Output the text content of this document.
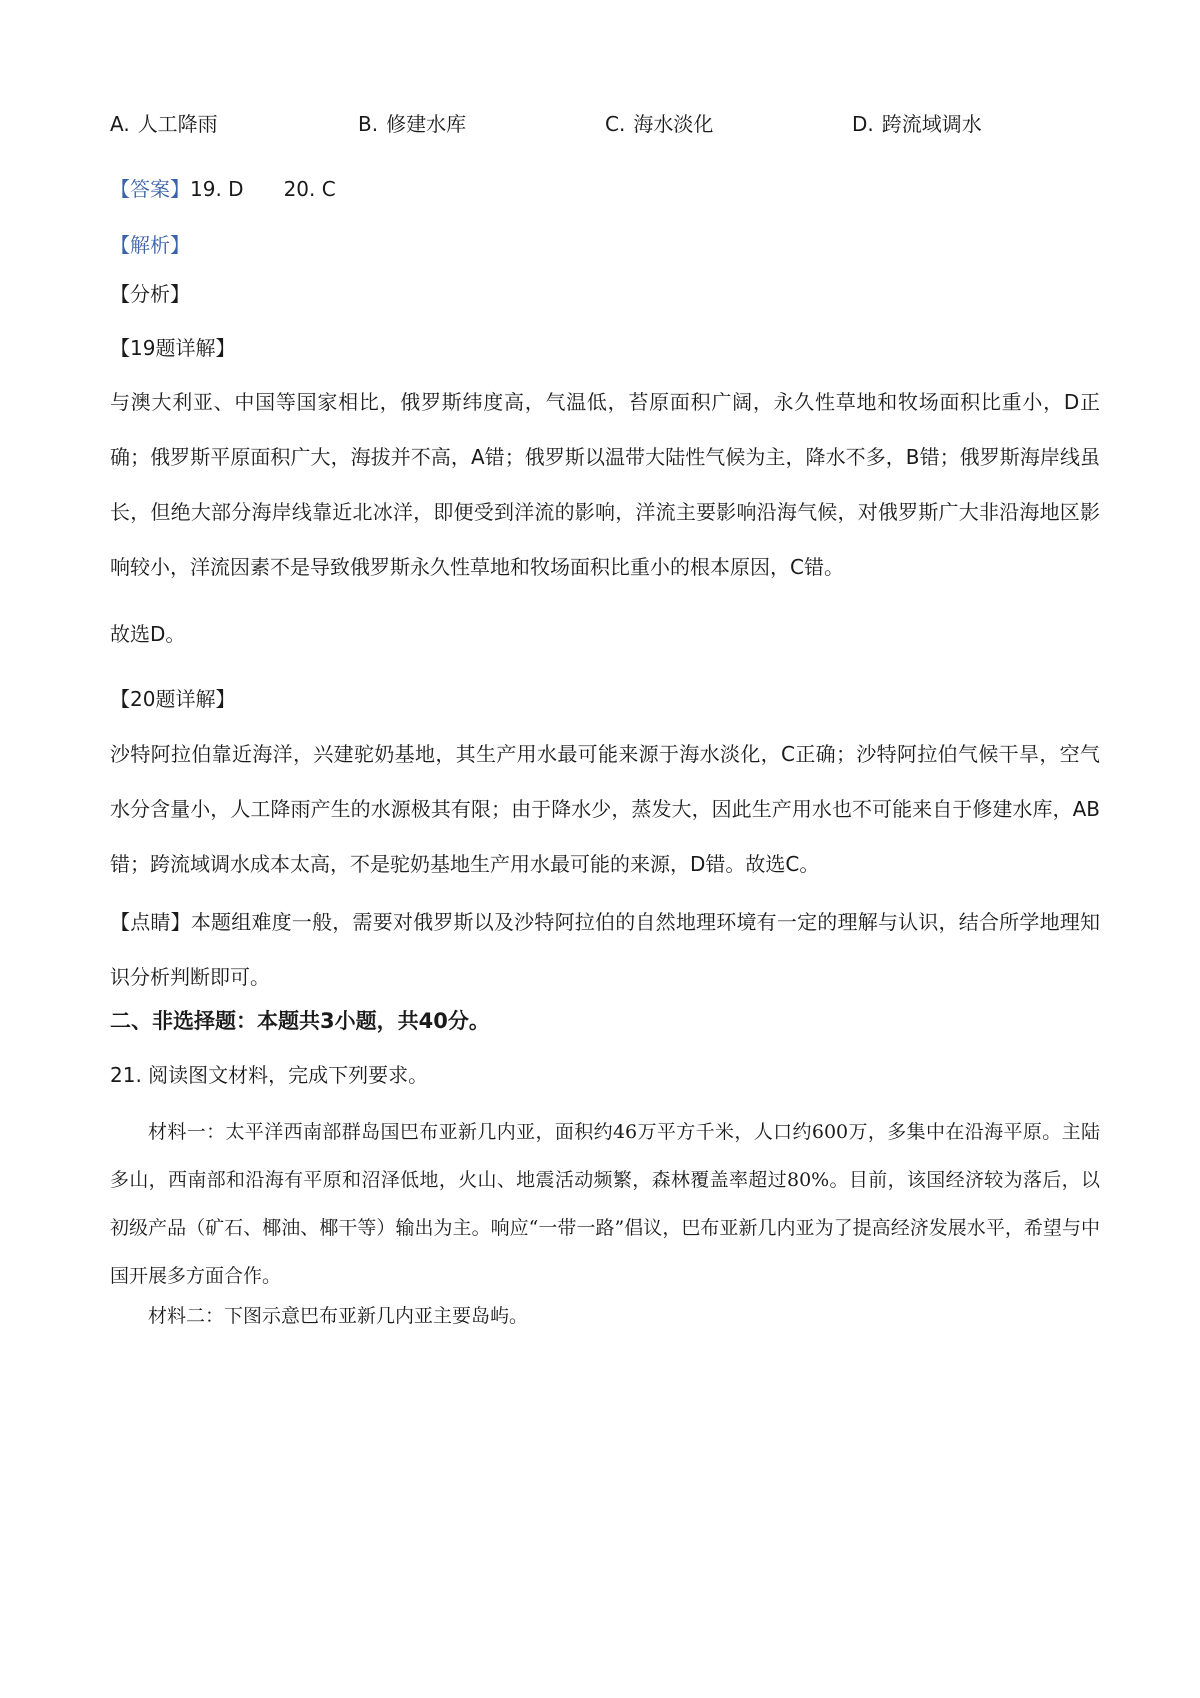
A. 人工降雨	B. 修建水库	C. 海水淡化	D. 跨流域调水
【答案】19. D 20. C
【解析】
【分析】
【19题详解】
与澳大利亚、中国等国家相比，俄罗斯纬度高，气温低，苔原面积广阔，永久性草地和牧场面积比重小，D正确；俄罗斯平原面积广大，海拔并不高，A错；俄罗斯以温带大陆性气候为主，降水不多，B错；俄罗斯海岸线虽长，但绝大部分海岸线靠近北冰洋，即便受到洋流的影响，洋流主要影响沿海气候，对俄罗斯广大非沿海地区影响较小，洋流因素不是导致俄罗斯永久性草地和牧场面积比重小的根本原因，C错。
故选D。
【20题详解】
沙特阿拉伯靠近海洋，兴建驼奶基地，其生产用水最可能来源于海水淡化，C正确；沙特阿拉伯气候干旱，空气水分含量小，人工降雨产生的水源极其有限；由于降水少，蒸发大，因此生产用水也不可能来自于修建水库，AB错；跨流域调水成本太高，不是驼奶基地生产用水最可能的来源，D错。故选C。
【点睛】本题组难度一般，需要对俄罗斯以及沙特阿拉伯的自然地理环境有一定的理解与认识，结合所学地理知识分析判断即可。
二、非选择题：本题共3小题，共40分。
21. 阅读图文材料，完成下列要求。
材料一：太平洋西南部群岛国巴布亚新几内亚，面积约46万平方千米，人口约600万，多集中在沿海平原。主陆多山，西南部和沿海有平原和沼泽低地，火山、地震活动频繁，森林覆盖率超过80%。目前，该国经济较为落后，以初级产品（矿石、椰油、椰干等）输出为主。响应“一带一路”倡议，巴布亚新几内亚为了提高经济发展水平，希望与中国开展多方面合作。
材料二：下图示意巴布亚新几内亚主要岛屿。
